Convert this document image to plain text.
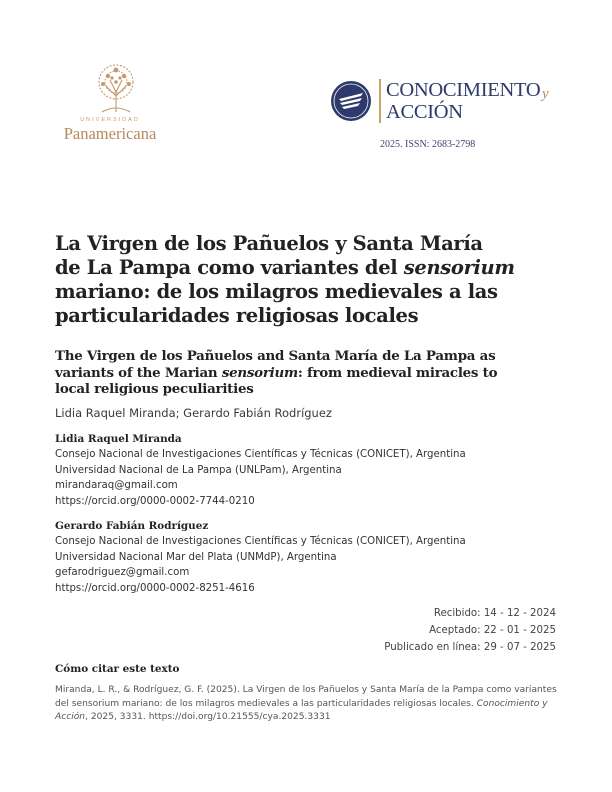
UNIVERSIDAD
Panamericana
CONOCIMIENTO y
ACCIÓN
2025. ISSN: 2683-2798
La Virgen de los Pañuelos y Santa María
de La Pampa como variantes del sensorium
mariano: de los milagros medievales a las
particularidades religiosas locales
The Virgen de los Pañuelos and Santa María de La Pampa as
variants of the Marian sensorium: from medieval miracles to
local religious peculiarities
Lidia Raquel Miranda; Gerardo Fabián Rodríguez
Lidia Raquel Miranda
Consejo Nacional de Investigaciones Científicas y Técnicas (CONICET), Argentina
Universidad Nacional de La Pampa (UNLPam), Argentina
mirandaraq@gmail.com
https://orcid.org/0000-0002-7744-0210
Gerardo Fabián Rodríguez
Consejo Nacional de Investigaciones Científicas y Técnicas (CONICET), Argentina
Universidad Nacional Mar del Plata (UNMdP), Argentina
gefarodriguez@gmail.com
https://orcid.org/0000-0002-8251-4616
Recibido: 14 - 12 - 2024
Aceptado: 22 - 01 - 2025
Publicado en línea: 29 - 07 - 2025
Cómo citar este texto
Miranda, L. R., & Rodríguez, G. F. (2025). La Virgen de los Pañuelos y Santa María de la Pampa como variantes del sensorium mariano: de los milagros medievales a las particularidades religiosas locales. Conocimiento y Acción, 2025, 3331. https://doi.org/10.21555/cya.2025.3331
